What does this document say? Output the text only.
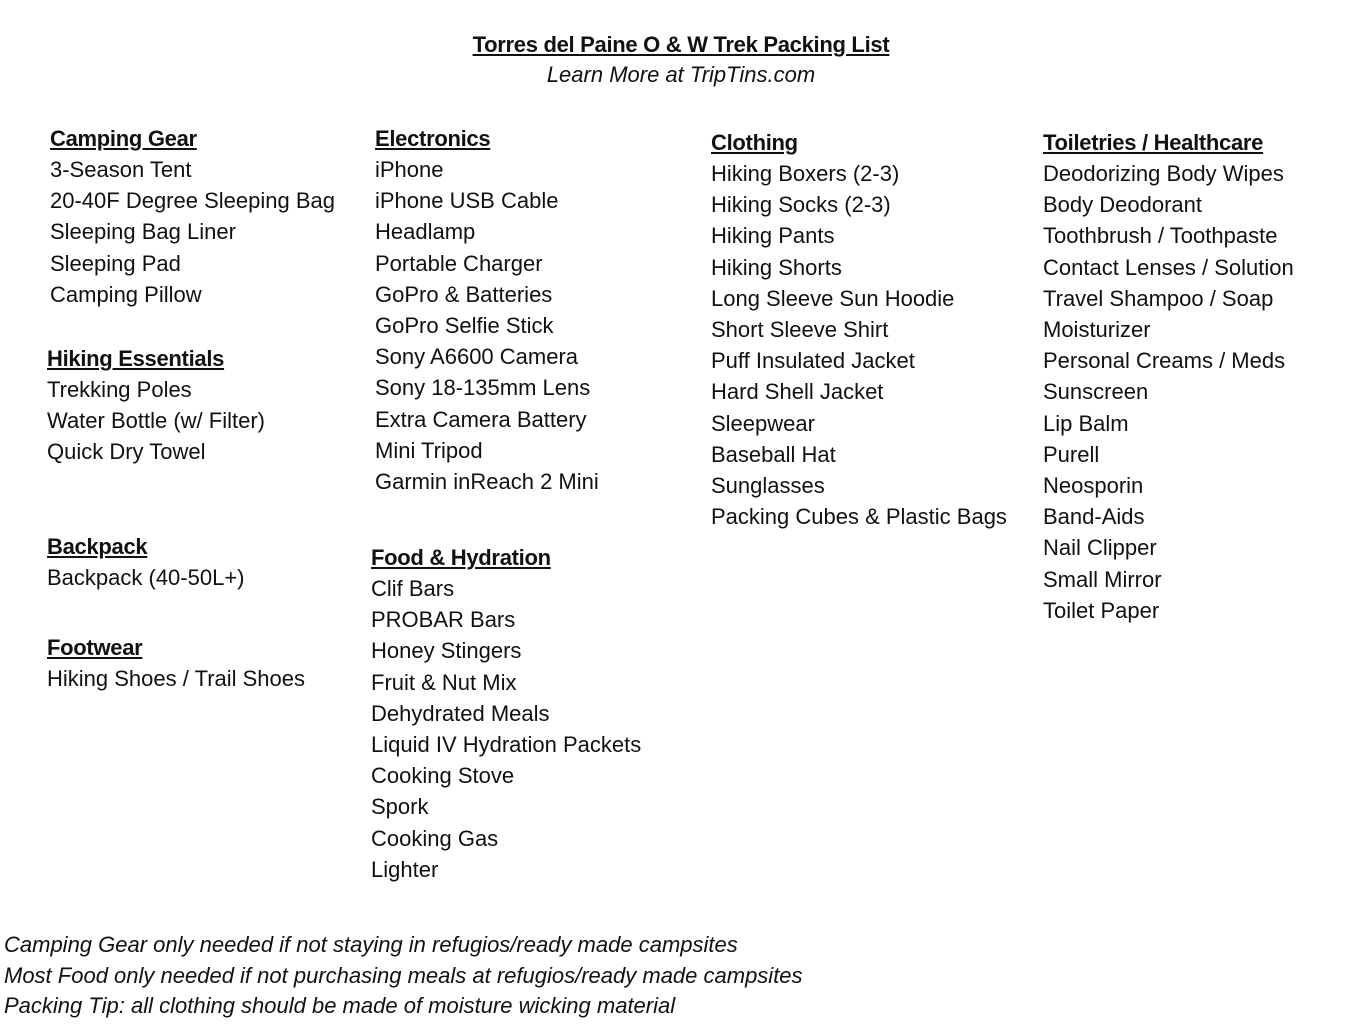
Torres del Paine O & W Trek Packing List
Learn More at TripTins.com
Camping Gear
3-Season Tent
20-40F Degree Sleeping Bag
Sleeping Bag Liner
Sleeping Pad
Camping Pillow
Hiking Essentials
Trekking Poles
Water Bottle (w/ Filter)
Quick Dry Towel
Backpack
Backpack (40-50L+)
Footwear
Hiking Shoes / Trail Shoes
Electronics
iPhone
iPhone USB Cable
Headlamp
Portable Charger
GoPro & Batteries
GoPro Selfie Stick
Sony A6600 Camera
Sony 18-135mm Lens
Extra Camera Battery
Mini Tripod
Garmin inReach 2 Mini
Food & Hydration
Clif Bars
PROBAR Bars
Honey Stingers
Fruit & Nut Mix
Dehydrated Meals
Liquid IV Hydration Packets
Cooking Stove
Spork
Cooking Gas
Lighter
Clothing
Hiking Boxers (2-3)
Hiking Socks (2-3)
Hiking Pants
Hiking Shorts
Long Sleeve Sun Hoodie
Short Sleeve Shirt
Puff Insulated Jacket
Hard Shell Jacket
Sleepwear
Baseball Hat
Sunglasses
Packing Cubes & Plastic Bags
Toiletries / Healthcare
Deodorizing Body Wipes
Body Deodorant
Toothbrush / Toothpaste
Contact Lenses / Solution
Travel Shampoo / Soap
Moisturizer
Personal Creams / Meds
Sunscreen
Lip Balm
Purell
Neosporin
Band-Aids
Nail Clipper
Small Mirror
Toilet Paper
Camping Gear only needed if not staying in refugios/ready made campsites
Most Food only needed if not purchasing meals at refugios/ready made campsites
Packing Tip: all clothing should be made of moisture wicking material
